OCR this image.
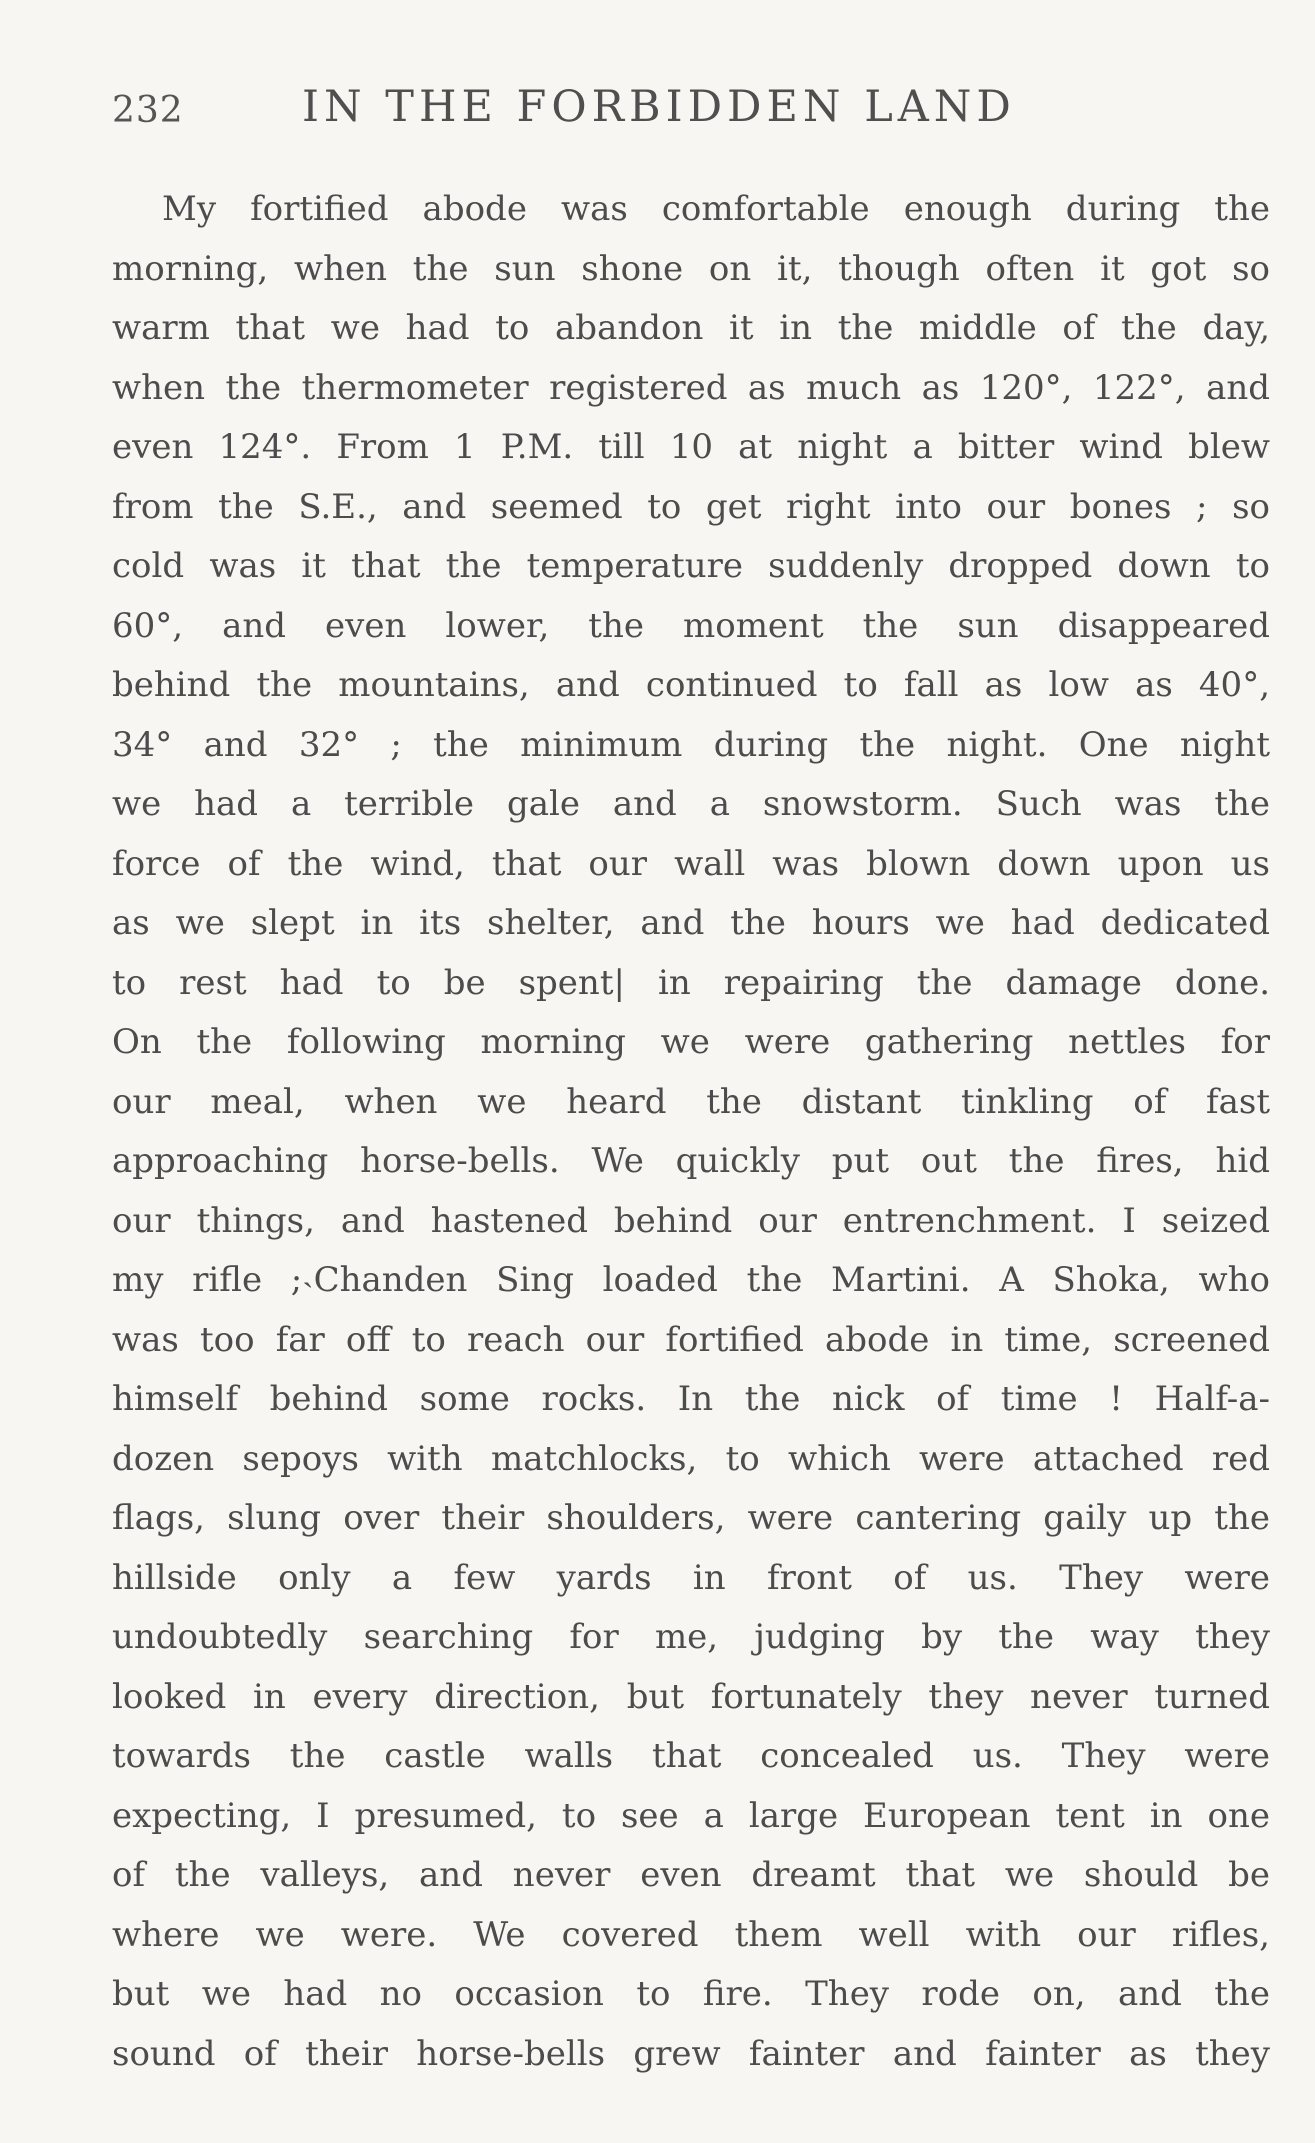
232	IN THE FORBIDDEN LAND
My fortified abode was comfortable enough during the
morning, when the sun shone on it, though often it got so
warm that we had to abandon it in the middle of the day,
when the thermometer registered as much as 120°, 122°, and
even 124°. From 1 P.M. till 10 at night a bitter wind blew
from the S.E., and seemed to get right into our bones ; so
cold was it that the temperature suddenly dropped down to
60°, and even lower, the moment the sun disappeared
behind the mountains, and continued to fall as low as 40°,
34° and 32° ; the minimum during the night. One night
we had a terrible gale and a snowstorm. Such was the
force of the wind, that our wall was blown down upon us
as we slept in its shelter, and the hours we had dedicated
to rest had to be spent| in repairing the damage done.
On the following morning we were gathering nettles for
our meal, when we heard the distant tinkling of fast
approaching horse-bells. We quickly put out the fires, hid
our things, and hastened behind our entrenchment. I seized
my rifle ;˴Chanden Sing loaded the Martini. A Shoka, who
was too far off to reach our fortified abode in time, screened
himself behind some rocks. In the nick of time ! Half-a-
dozen sepoys with matchlocks, to which were attached red
flags, slung over their shoulders, were cantering gaily up the
hillside only a few yards in front of us. They were
undoubtedly searching for me, judging by the way they
looked in every direction, but fortunately they never turned
towards the castle walls that concealed us. They were
expecting, I presumed, to see a large European tent in one
of the valleys, and never even dreamt that we should be
where we were. We covered them well with our rifles,
but we had no occasion to fire. They rode on, and the
sound of their horse-bells grew fainter and fainter as they
